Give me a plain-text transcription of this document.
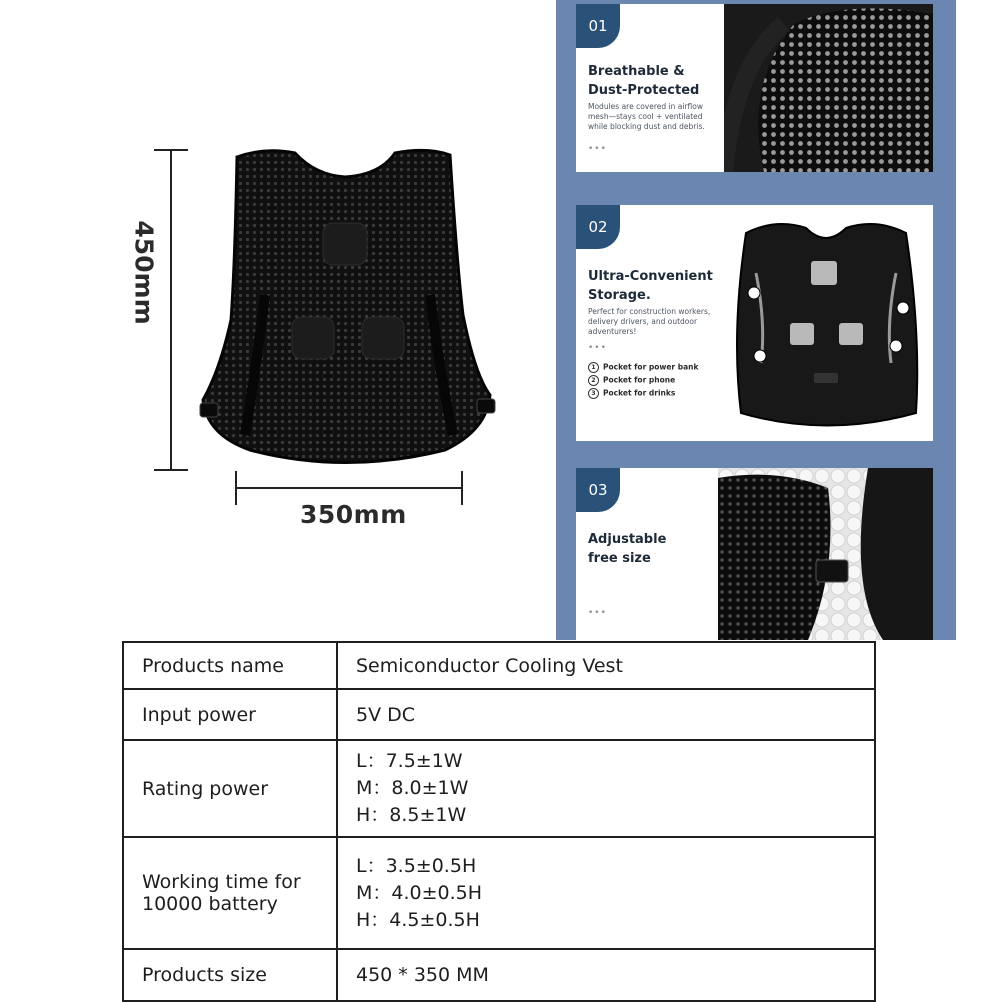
450mm
350mm
01
Breathable & Dust-Protected
Modules are covered in airflow mesh—stays cool + ventilated while blocking dust and debris.
•••
02
Ultra-Convenient Storage.
Perfect for construction workers, delivery drivers, and outdoor adventurers!
•••
1 Pocket for power bank
2 Pocket for phone
3 Pocket for drinks
03
Adjustable free size
•••
Products name	Semiconductor Cooling Vest
Input power	5V DC
Rating power	L：7.5±1W
M：8.0±1W
H：8.5±1W

Working time for 10000 battery	L：3.5±0.5H
M：4.0±0.5H
H：4.5±0.5H

Products size	450 * 350 MM
